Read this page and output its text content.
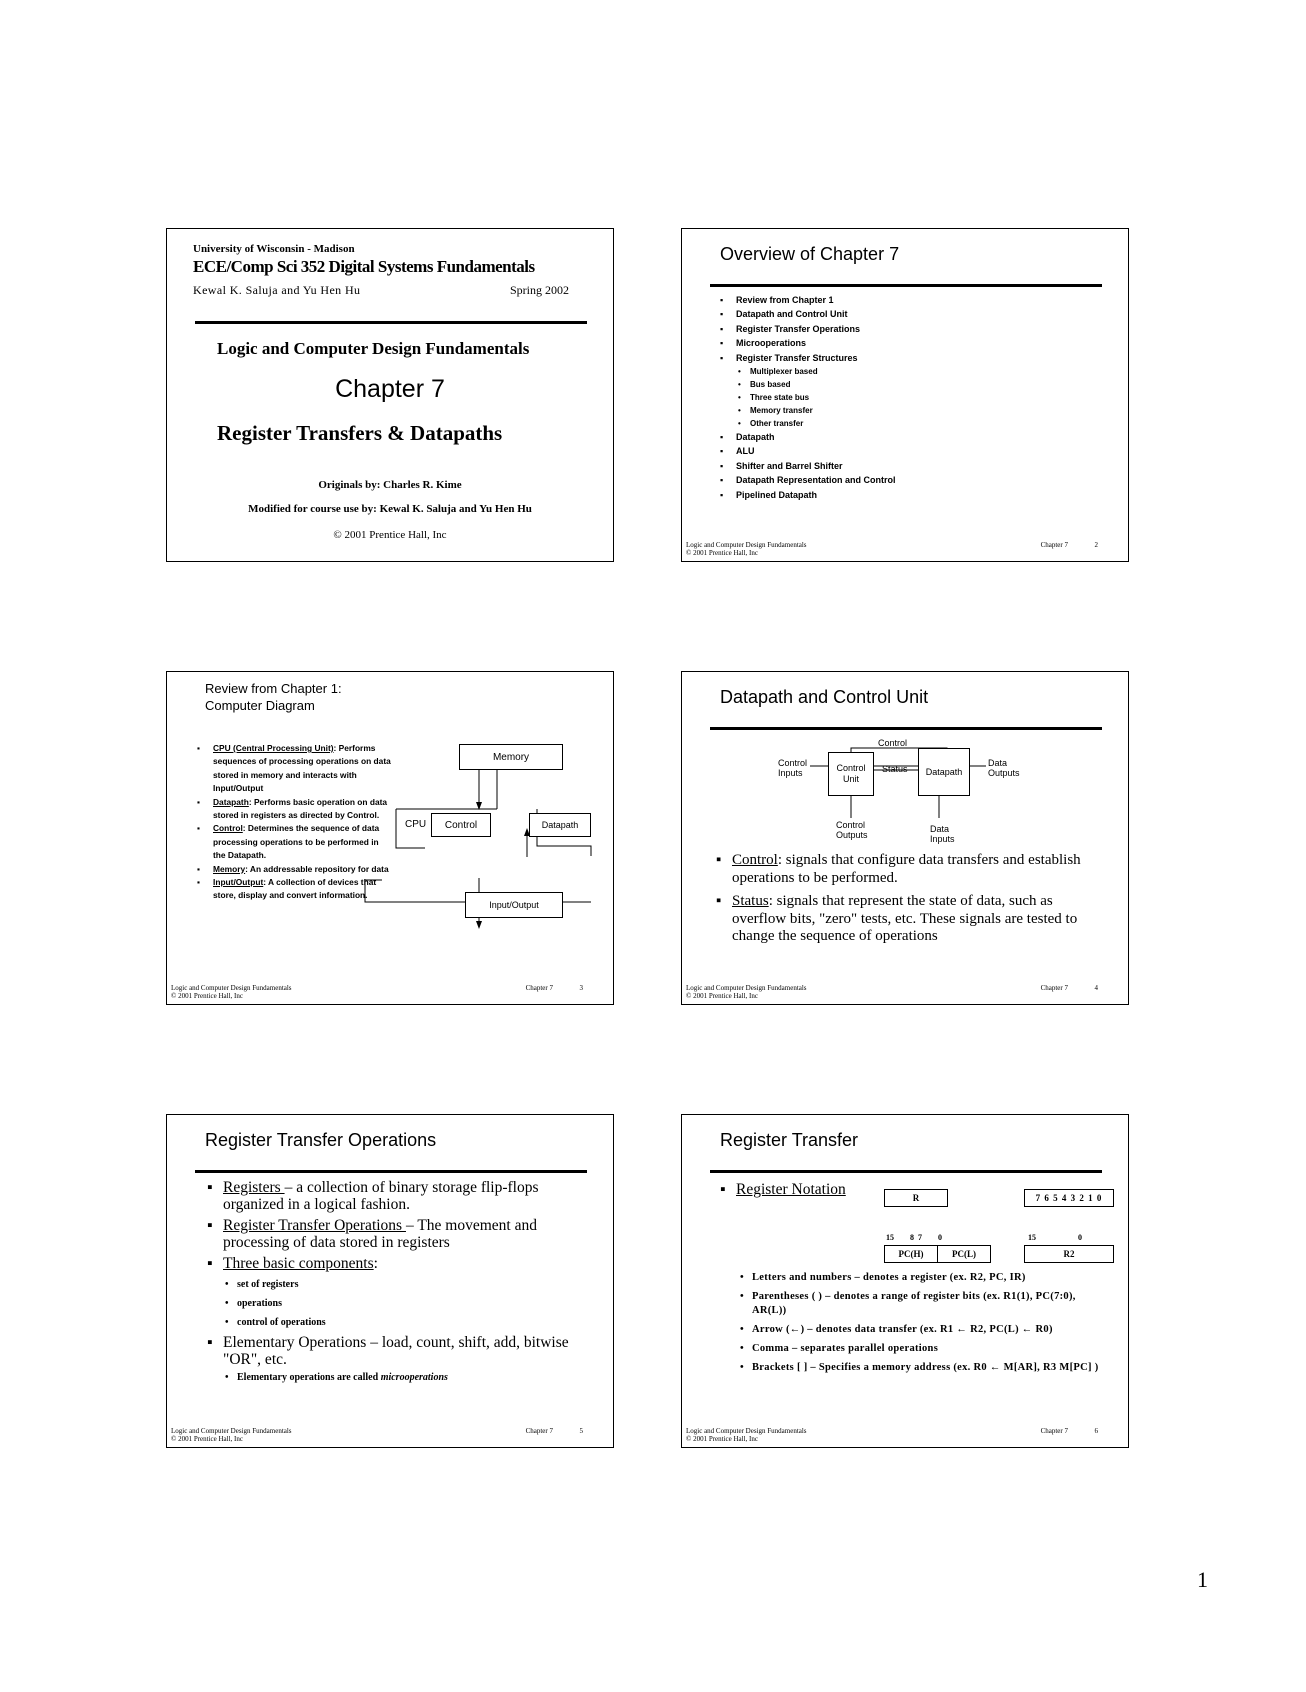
University of Wisconsin - Madison
ECE/Comp Sci 352 Digital Systems Fundamentals
Kewal K. Saluja and Yu Hen Hu	Spring 2002
Logic and Computer Design Fundamentals
Chapter 7
Register Transfers & Datapaths
Originals by: Charles R. Kime
Modified for course use by: Kewal K. Saluja and Yu Hen Hu
© 2001 Prentice Hall, Inc
Overview of Chapter 7
▪ Review from Chapter 1
▪ Datapath and Control Unit
▪ Register Transfer Operations
▪ Microoperations
▪ Register Transfer Structures
• Multiplexer based
• Bus based
• Three state bus
• Memory transfer
• Other transfer
▪ Datapath
▪ ALU
▪ Shifter and Barrel Shifter
▪ Datapath Representation and Control
▪ Pipelined Datapath
Logic and Computer Design Fundamentals
© 2001 Prentice Hall, Inc
Chapter 7	2
Review from Chapter 1:
Computer Diagram
▪ CPU (Central Processing Unit): Performs sequences of processing operations on data stored in memory and interacts with Input/Output
▪ Datapath: Performs basic operation on data stored in registers as directed by Control.
▪ Control: Determines the sequence of data processing operations to be performed in the Datapath.
▪ Memory: An addressable repository for data
▪ Input/Output: A collection of devices that store, display and convert information.
Memory
CPU	Control	Datapath
Input/Output
Logic and Computer Design Fundamentals
© 2001 Prentice Hall, Inc
Chapter 7	3
Datapath and Control Unit
Control Inputs	Control Unit
Control
Status	Datapath
Data Outputs
Control Outputs
Data Inputs
▪ Control: signals that configure data transfers and establish operations to be performed.
▪ Status: signals that represent the state of data, such as overflow bits, "zero" tests, etc. These signals are tested to change the sequence of operations
Logic and Computer Design Fundamentals
© 2001 Prentice Hall, Inc
Chapter 7	4
Register Transfer Operations
▪ Registers – a collection of binary storage flip-flops organized in a logical fashion.
▪ Register Transfer Operations – The movement and processing of data stored in registers
▪ Three basic components:
• set of registers
• operations
• control of operations
▪ Elementary Operations – load, count, shift, add, bitwise "OR", etc.
• Elementary operations are called microoperations
Logic and Computer Design Fundamentals
© 2001 Prentice Hall, Inc
Chapter 7	5
Register Transfer
▪ Register Notation	R	7 6 5 4 3 2 1 0
15        8  7        0	15                     0
PC(H)	PC(L)	R2
• Letters and numbers – denotes a register (ex. R2, PC, IR)
• Parentheses ( ) – denotes a range of register bits (ex. R1(1), PC(7:0), AR(L))
• Arrow (←) – denotes data transfer (ex. R1 ← R2, PC(L) ← R0)
• Comma – separates parallel operations
• Brackets [ ] – Specifies a memory address (ex. R0 ← M[AR], R3 M[PC] )
Logic and Computer Design Fundamentals
© 2001 Prentice Hall, Inc
Chapter 7	6
1
